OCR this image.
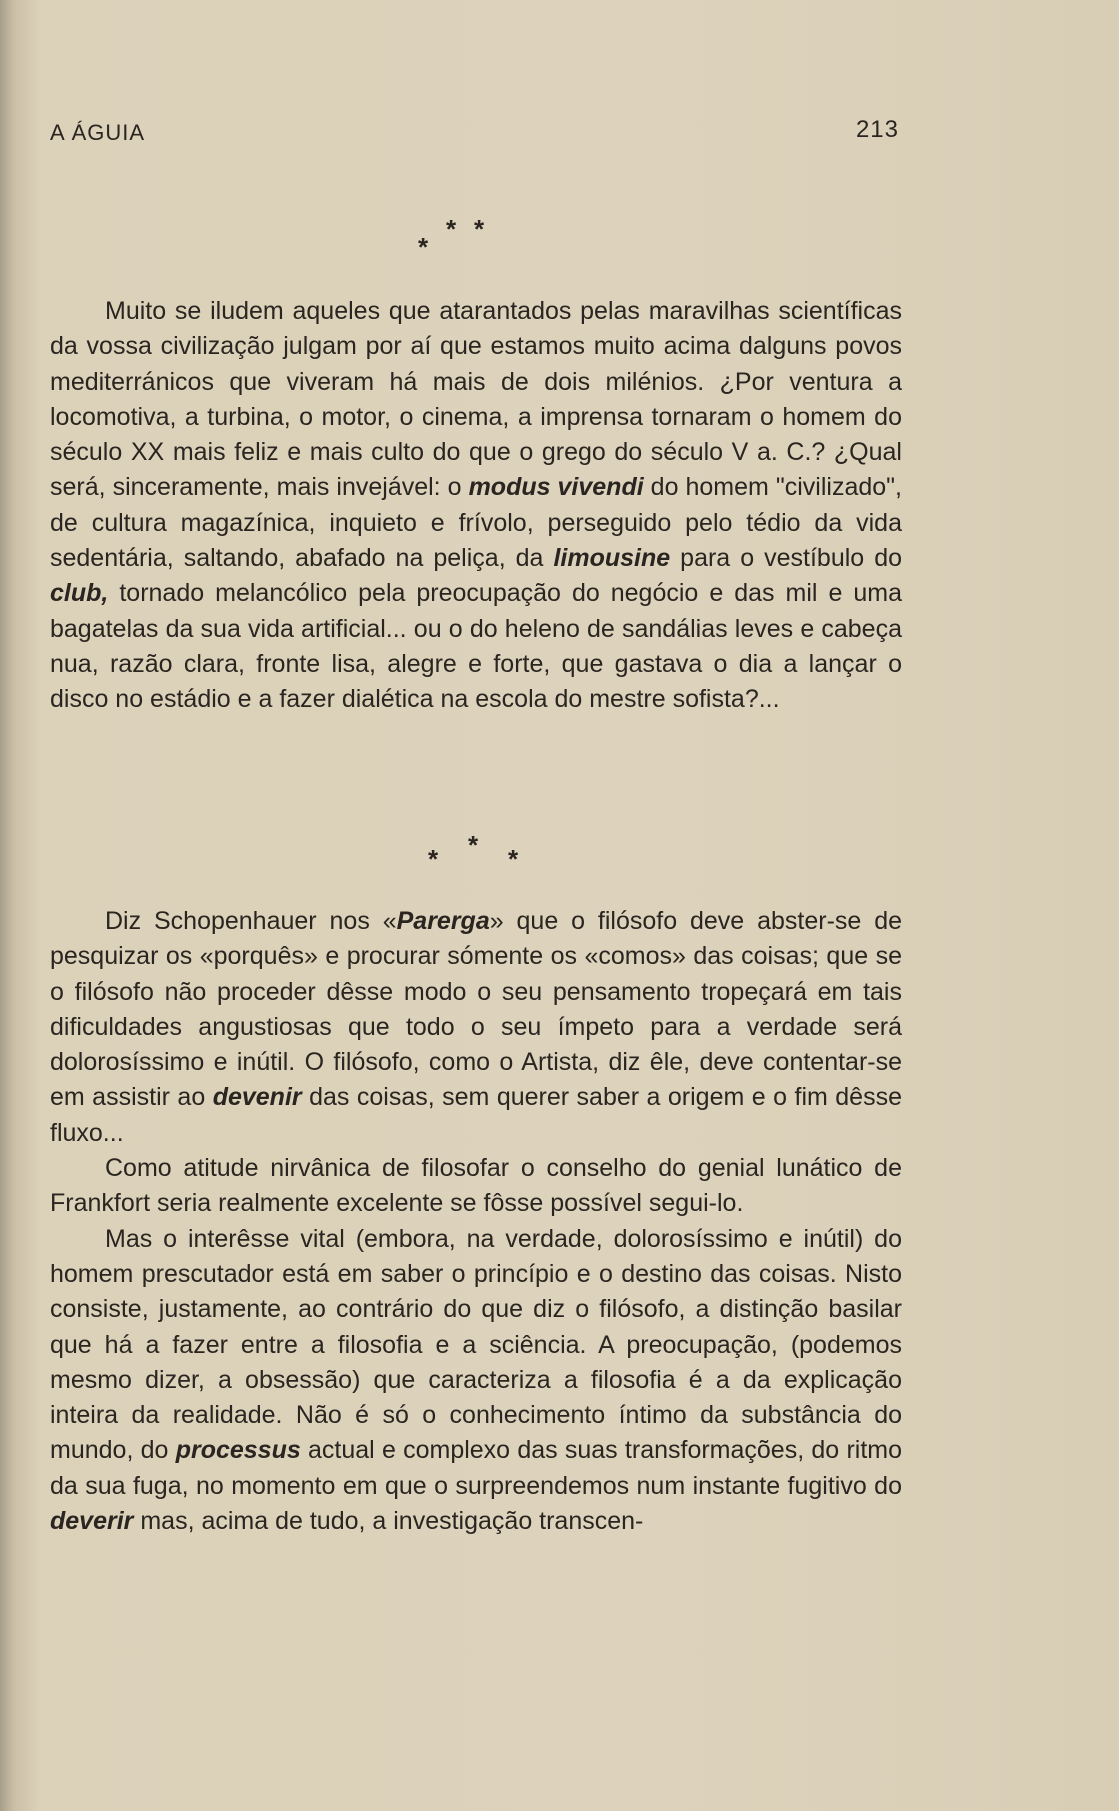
A ÁGUIA	213
*
* *

Muito se iludem aqueles que atarantados pelas maravilhas scientíficas da vossa civilização julgam por aí que estamos muito acima dalguns povos mediterránicos que viveram há mais de dois milénios. ¿Por ventura a locomotiva, a turbina, o motor, o cinema, a imprensa tornaram o homem do século XX mais feliz e mais culto do que o grego do século V a. C.? ¿Qual será, sinceramente, mais invejável: o modus vivendi do homem "civilizado", de cultura magazínica, inquieto e frívolo, perseguido pelo tédio da vida sedentária, saltando, abafado na peliça, da limousine para o vestíbulo do club, tornado melancólico pela preocupação do negócio e das mil e uma bagatelas da sua vida artificial... ou o do heleno de sandálias leves e cabeça nua, razão clara, fronte lisa, alegre e forte, que gastava o dia a lançar o disco no estádio e a fazer dialética na escola do mestre sofista?...

* * *

Diz Schopenhauer nos «Parerga» que o filósofo deve abster-se de pesquizar os «porquês» e procurar sómente os «comos» das coisas; que se o filósofo não proceder dêsse modo o seu pensamento tropeçará em tais dificuldades angustiosas que todo o seu ímpeto para a verdade será dolorosíssimo e inútil. O filósofo, como o Artista, diz êle, deve contentar-se em assistir ao devenir das coisas, sem querer saber a origem e o fim dêsse fluxo...

Como atitude nirvânica de filosofar o conselho do genial lunático de Frankfort seria realmente excelente se fôsse possível segui-lo.

Mas o interêsse vital (embora, na verdade, dolorosíssimo e inútil) do homem prescutador está em saber o princípio e o destino das coisas. Nisto consiste, justamente, ao contrário do que diz o filósofo, a distinção basilar que há a fazer entre a filosofia e a sciência. A preocupação, (podemos mesmo dizer, a obsessão) que caracteriza a filosofia é a da explicação inteira da realidade. Não é só o conhecimento íntimo da substância do mundo, do processus actual e complexo das suas transformações, do ritmo da sua fuga, no momento em que o surpreendemos num instante fugitivo do deverir mas, acima de tudo, a investigação transcen-
